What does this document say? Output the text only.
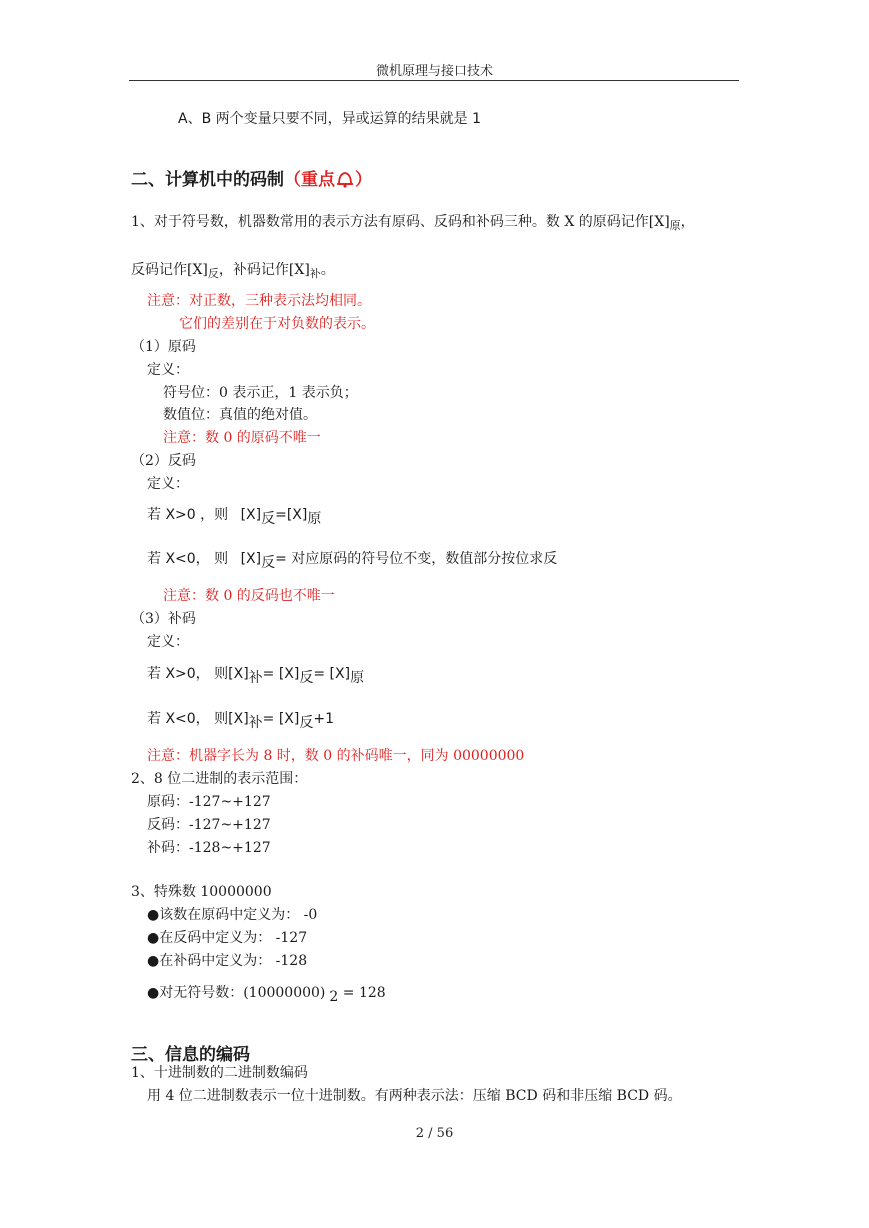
微机原理与接口技术
A、B 两个变量只要不同，异或运算的结果就是 1
二、计算机中的码制（重点 ）
1、对于符号数，机器数常用的表示方法有原码、反码和补码三种。数 X 的原码记作$[X]_原$，
反码记作$[X]_反$，补码记作$[X]_补$。
注意：对正数，三种表示法均相同。
它们的差别在于对负数的表示。
（1）原码
定义：
符号位：0 表示正，1 表示负；
数值位：真值的绝对值。
注意：数 0 的原码不唯一
（2）反码
定义：
若 X>0 ，则 [X]反=[X]原
若 X<0， 则 [X]反= 对应原码的符号位不变，数值部分按位求反
注意：数 0 的反码也不唯一
（3）补码
定义：
若 X>0， 则[X]补= [X]反= [X]原
若 X<0， 则[X]补= [X]反+1
注意：机器字长为 8 时，数 0 的补码唯一，同为 00000000
2、8 位二进制的表示范围：
原码：-127~+127
反码：-127~+127
补码：-128~+127
3、特殊数 10000000
●该数在原码中定义为： -0
●在反码中定义为： -127
●在补码中定义为： -128
●对无符号数：(10000000) 2 = 128
三、信息的编码
1、十进制数的二进制数编码
用 4 位二进制数表示一位十进制数。有两种表示法：压缩 BCD 码和非压缩 BCD 码。
2 / 56
